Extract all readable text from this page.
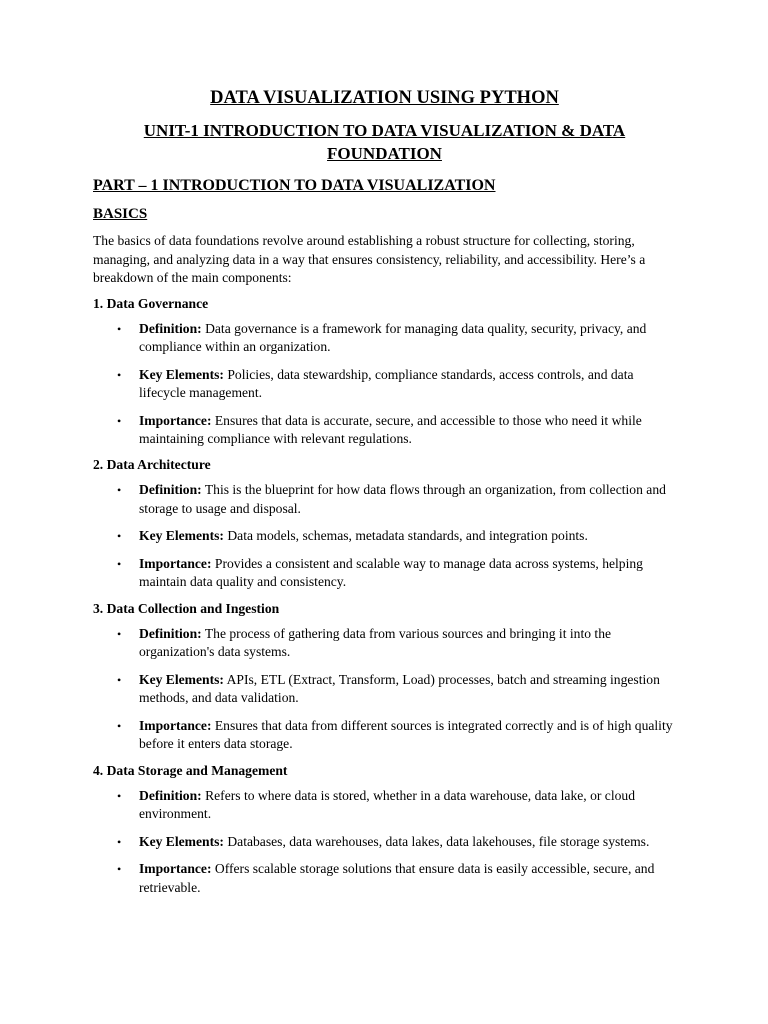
DATA VISUALIZATION USING PYTHON
UNIT-1 INTRODUCTION TO DATA VISUALIZATION & DATA FOUNDATION
PART – 1 INTRODUCTION TO DATA VISUALIZATION
BASICS

The basics of data foundations revolve around establishing a robust structure for collecting, storing, managing, and analyzing data in a way that ensures consistency, reliability, and accessibility. Here’s a breakdown of the main components:

1. Data Governance
• Definition: Data governance is a framework for managing data quality, security, privacy, and compliance within an organization.
• Key Elements: Policies, data stewardship, compliance standards, access controls, and data lifecycle management.
• Importance: Ensures that data is accurate, secure, and accessible to those who need it while maintaining compliance with relevant regulations.
2. Data Architecture
• Definition: This is the blueprint for how data flows through an organization, from collection and storage to usage and disposal.
• Key Elements: Data models, schemas, metadata standards, and integration points.
• Importance: Provides a consistent and scalable way to manage data across systems, helping maintain data quality and consistency.
3. Data Collection and Ingestion
• Definition: The process of gathering data from various sources and bringing it into the organization's data systems.
• Key Elements: APIs, ETL (Extract, Transform, Load) processes, batch and streaming ingestion methods, and data validation.
• Importance: Ensures that data from different sources is integrated correctly and is of high quality before it enters data storage.
4. Data Storage and Management
• Definition: Refers to where data is stored, whether in a data warehouse, data lake, or cloud environment.
• Key Elements: Databases, data warehouses, data lakes, data lakehouses, file storage systems.
• Importance: Offers scalable storage solutions that ensure data is easily accessible, secure, and retrievable.
